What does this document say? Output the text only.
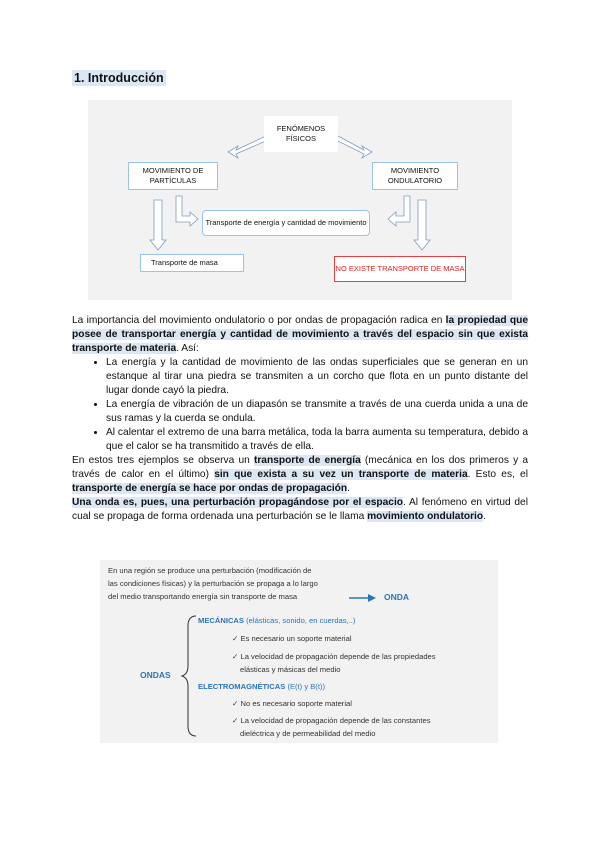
1. Introducción
FENÓMENOS FÍSICOS
MOVIMIENTO DE PARTÍCULAS
MOVIMIENTO ONDULATORIO
Transporte de energía y cantidad de movimiento
Transporte de masa
NO EXISTE TRANSPORTE DE MASA

La importancia del movimiento ondulatorio o por ondas de propagación radica en la propiedad que posee de transportar energía y cantidad de movimiento a través del espacio sin que exista transporte de materia. Así:

• La energía y la cantidad de movimiento de las ondas superficiales que se generan en un estanque al tirar una piedra se transmiten a un corcho que flota en un punto distante del lugar donde cayó la piedra.
• La energía de vibración de un diapasón se transmite a través de una cuerda unida a una de sus ramas y la cuerda se ondula.
• Al calentar el extremo de una barra metálica, toda la barra aumenta su temperatura, debido a que el calor se ha transmitido a través de ella.

En estos tres ejemplos se observa un transporte de energía (mecánica en los dos primeros y a través de calor en el último) sin que exista a su vez un transporte de materia. Esto es, el transporte de energía se hace por ondas de propagación.

Una onda es, pues, una perturbación propagándose por el espacio. Al fenómeno en virtud del cual se propaga de forma ordenada una perturbación se le llama movimiento ondulatorio.

En una región se produce una perturbación (modificación de
las condiciones físicas) y la perturbación se propaga a lo largo
del medio transportando energía sin transporte de masa	ONDA
ONDAS
MECÁNICAS (elásticas, sonido, en cuerdas,..)
✓ Es necesario un soporte material
✓ La velocidad de propagación depende de las propiedades
elásticas y másicas del medio
ELECTROMAGNÉTICAS (E(t) y B(t))
✓ No es necesario soporte material
✓ La velocidad de propagación depende de las constantes
dieléctrica y de permeabilidad del medio
